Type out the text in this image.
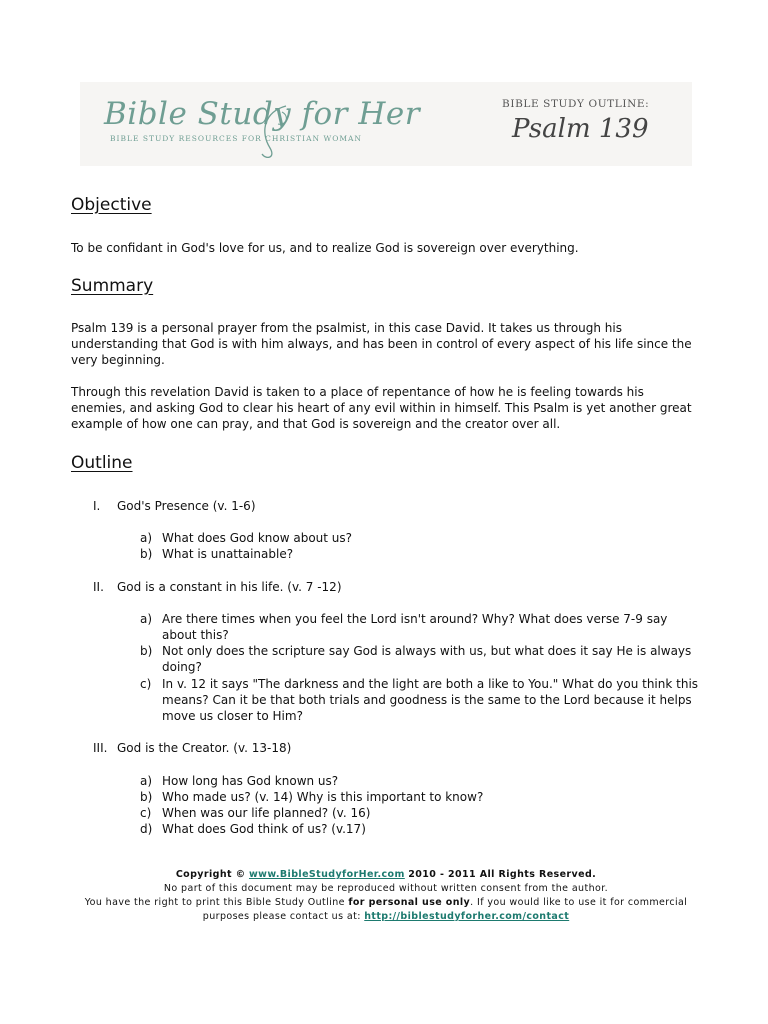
Bible Study for Her
BIBLE STUDY RESOURCES FOR CHRISTIAN WOMAN
BIBLE STUDY OUTLINE:
Psalm 139
Objective

To be confidant in God's love for us, and to realize God is sovereign over everything.

Summary

Psalm 139 is a personal prayer from the psalmist, in this case David. It takes us through his understanding that God is with him always, and has been in control of every aspect of his life since the very beginning.

Through this revelation David is taken to a place of repentance of how he is feeling towards his enemies, and asking God to clear his heart of any evil within in himself. This Psalm is yet another great example of how one can pray, and that God is sovereign and the creator over all.

Outline
I. God's Presence (v. 1-6)
a) What does God know about us?
b) What is unattainable?
II. God is a constant in his life. (v. 7 -12)
a) Are there times when you feel the Lord isn't around? Why? What does verse 7-9 say about this?
b) Not only does the scripture say God is always with us, but what does it say He is always doing?
c) In v. 12 it says "The darkness and the light are both a like to You." What do you think this means? Can it be that both trials and goodness is the same to the Lord because it helps move us closer to Him?
III. God is the Creator. (v. 13-18)
a) How long has God known us?
b) Who made us? (v. 14) Why is this important to know?
c) When was our life planned? (v. 16)
d) What does God think of us? (v.17)
Copyright © www.BibleStudyforHer.com 2010 - 2011 All Rights Reserved.
No part of this document may be reproduced without written consent from the author.
You have the right to print this Bible Study Outline for personal use only. If you would like to use it for commercial
purposes please contact us at: http://biblestudyforher.com/contact
